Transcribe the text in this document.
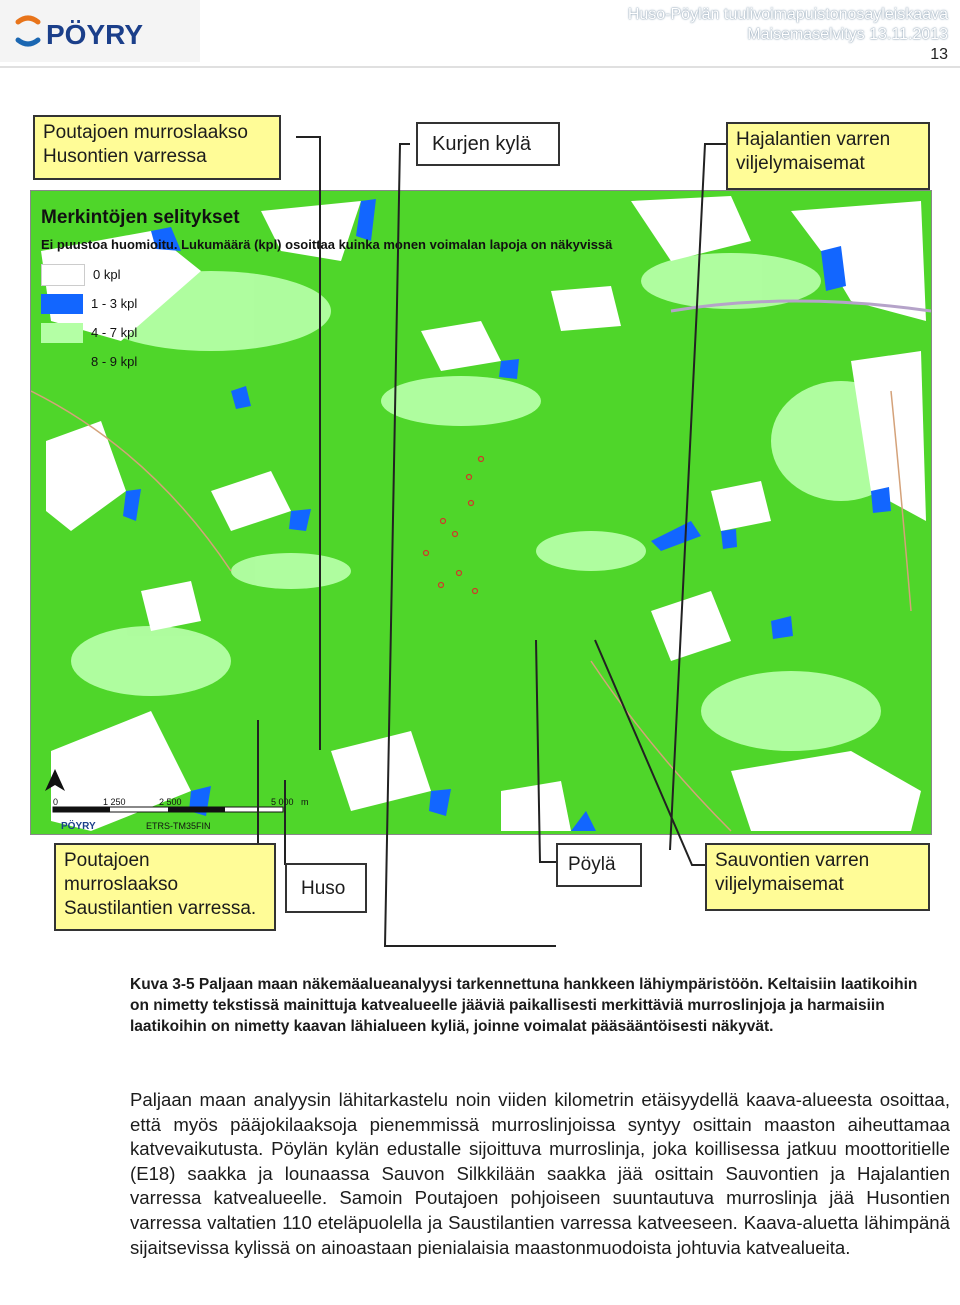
PÖYRY
Huso-Pöylän tuulivoimapuistonosayleiskaava
Maisemaselvitys 13.11.2013
13
0	1 250	2 500	5 000 m
ETRS-TM35FIN
PÖYRY
Merkintöjen selitykset
Ei puustoa huomioitu. Lukumäärä (kpl) osoittaa kuinka monen voimalan lapoja on näkyvissä
0 kpl
1 - 3 kpl
4 - 7 kpl
8 - 9 kpl
Poutajoen murroslaakso Husontien varressa
Kurjen kylä	Hajalantien varren viljelymaisemat
Poutajoen murroslaakso Saustilantien varressa.
Huso
Pöylä	Sauvontien varren viljelymaisemat
Kuva 3-5 Paljaan maan näkemäalueanalyysi tarkennettuna hankkeen lähiympäristöön. Keltaisiin laatikoihin on nimetty tekstissä mainittuja katvealueelle jääviä paikallisesti merkittäviä murroslinjoja ja harmaisiin laatikoihin on nimetty kaavan lähialueen kyliä, joinne voimalat pääsääntöisesti näkyvät.
Paljaan maan analyysin lähitarkastelu noin viiden kilometrin etäisyydellä kaava-alueesta osoittaa, että myös pääjokilaaksoja pienemmissä murroslinjoissa syntyy osittain maaston aiheuttamaa katvevaikutusta. Pöylän kylän edustalle sijoittuva murroslinja, joka koillisessa jatkuu moottoritielle (E18) saakka ja lounaassa Sauvon Silkkilään saakka jää osittain Sauvontien ja Hajalantien varressa katvealueelle. Samoin Poutajoen pohjoiseen suuntautuva murroslinja jää Husontien varressa valtatien 110 eteläpuolella ja Saustilantien varressa katveeseen. Kaava-aluetta lähimpänä sijaitsevissa kylissä on ainoastaan pienialaisia maastonmuodoista johtuvia katvealueita.
